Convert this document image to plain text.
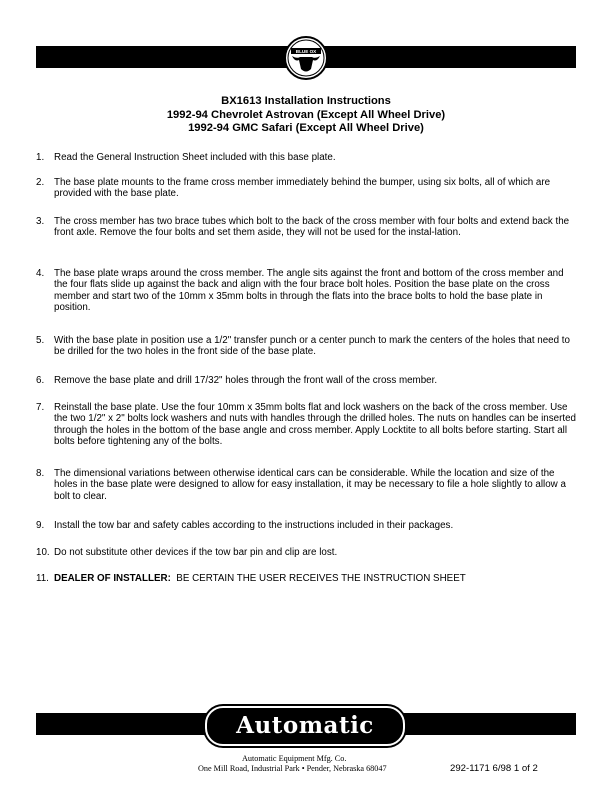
BLUE OX
BX1613 Installation Instructions
1992-94 Chevrolet Astrovan (Except All Wheel Drive)
1992-94 GMC Safari (Except All Wheel Drive)
1.	Read the General Instruction Sheet included with this base plate.
2.	The base plate mounts to the frame cross member immediately behind the bumper, using six bolts, all of which are provided with the base plate.
3.	The cross member has two brace tubes which bolt to the back of the cross member with four bolts and extend back the front axle. Remove the four bolts and set them aside, they will not be used for the instal-lation.
4.	The base plate wraps around the cross member. The angle sits against the front and bottom of the cross member and the four flats slide up against the back and align with the four brace bolt holes. Position the base plate on the cross member and start two of the 10mm x 35mm bolts in through the flats into the brace bolts to hold the base plate in position.
5.	With the base plate in position use a 1/2" transfer punch or a center punch to mark the centers of the holes that need to be drilled for the two holes in the front side of the base plate.
6.	Remove the base plate and drill 17/32" holes through the front wall of the cross member.
7.	Reinstall the base plate. Use the four 10mm x 35mm bolts flat and lock washers on the back of the cross member. Use the two 1/2" x 2" bolts lock washers and nuts with handles through the drilled holes. The nuts on handles can be inserted through the holes in the bottom of the base angle and cross member. Apply Locktite to all bolts before starting. Start all bolts before tightening any of the bolts.
8.	The dimensional variations between otherwise identical cars can be considerable. While the location and size of the holes in the base plate were designed to allow for easy installation, it may be necessary to file a hole slightly to allow a bolt to clear.
9.	Install the tow bar and safety cables according to the instructions included in their packages.
10. Do not substitute other devices if the tow bar pin and clip are lost.
11. DEALER OF INSTALLER: BE CERTAIN THE USER RECEIVES THE INSTRUCTION SHEET
Automatic
Automatic Equipment Mfg. Co.
One Mill Road, Industrial Park • Pender, Nebraska 68047	292-1171 6/98 1 of 2
